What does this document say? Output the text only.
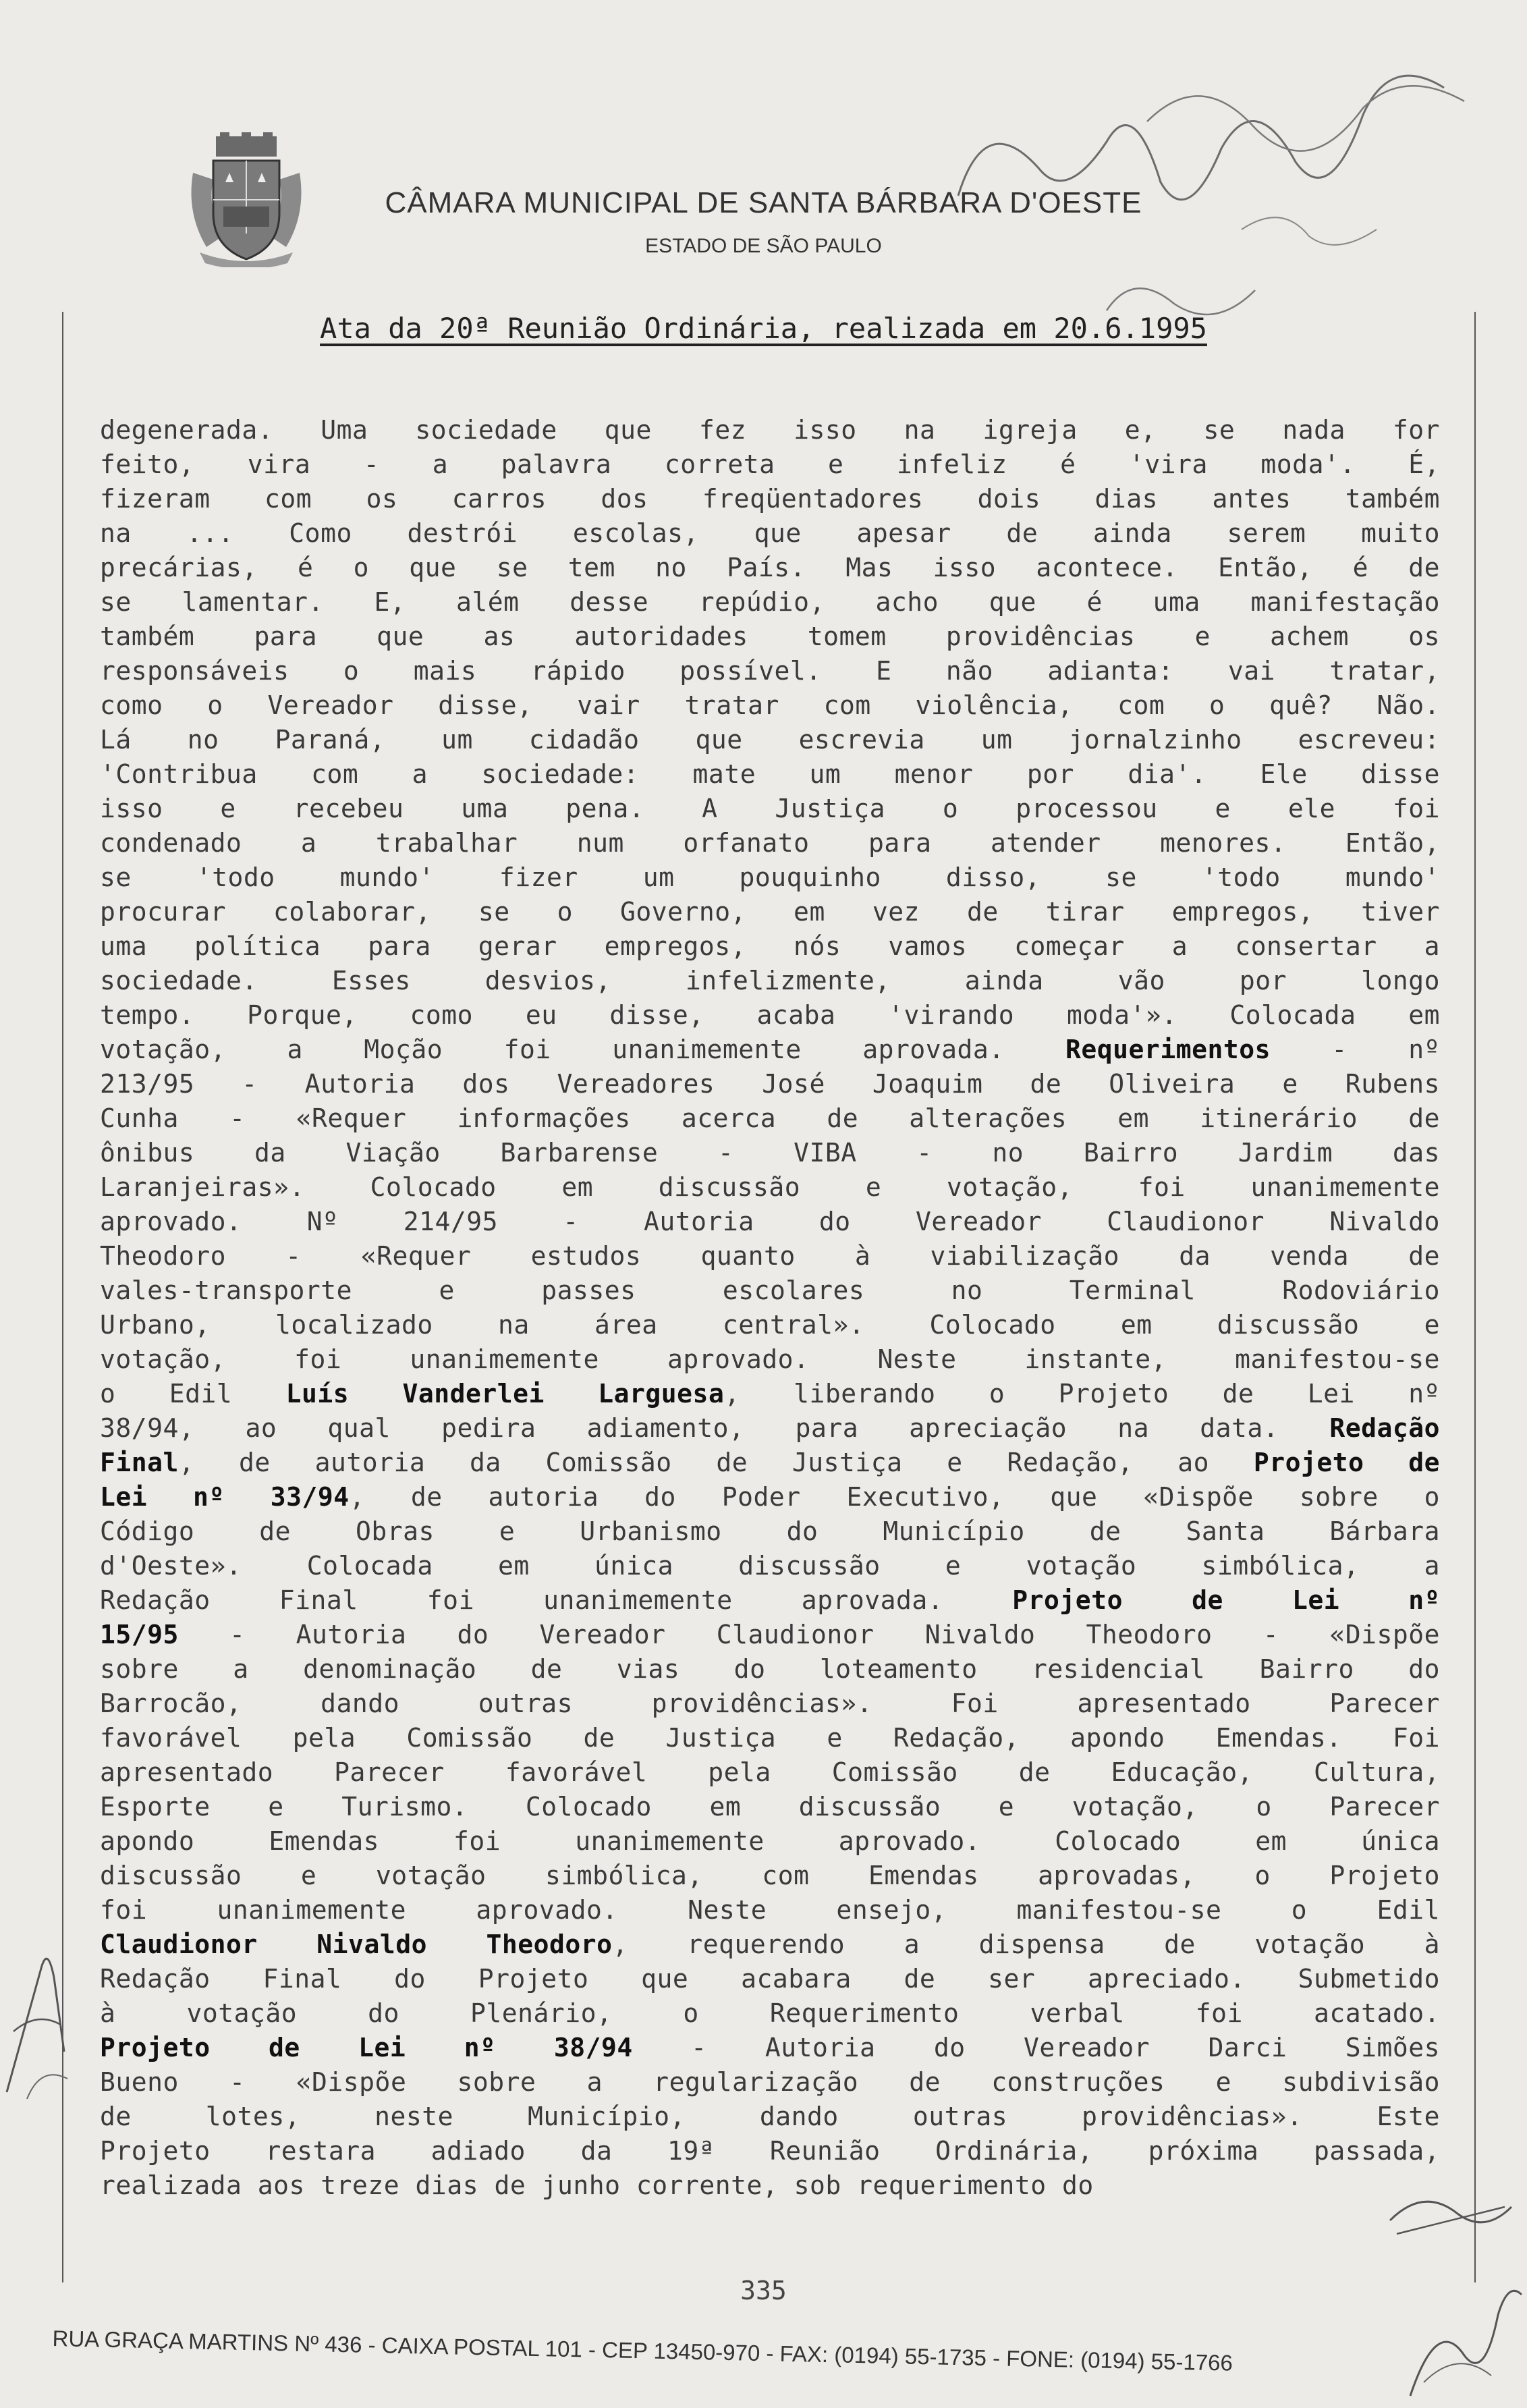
CÂMARA MUNICIPAL DE SANTA BÁRBARA D'OESTE
ESTADO DE SÃO PAULO
Ata da 20ª Reunião Ordinária, realizada em 20.6.1995
degenerada. Uma sociedade que fez isso na igreja e, se nada for
feito, vira - a palavra correta e infeliz é 'vira moda'. É,
fizeram com os carros dos freqüentadores dois dias antes também
na ... Como destrói escolas, que apesar de ainda serem muito
precárias, é o que se tem no País. Mas isso acontece. Então, é de
se lamentar. E, além desse repúdio, acho que é uma manifestação
também para que as autoridades tomem providências e achem os
responsáveis o mais rápido possível. E não adianta: vai tratar,
como o Vereador disse, vair tratar com violência, com o quê? Não.
Lá no Paraná, um cidadão que escrevia um jornalzinho escreveu:
'Contribua com a sociedade: mate um menor por dia'. Ele disse
isso e recebeu uma pena. A Justiça o processou e ele foi
condenado a trabalhar num orfanato para atender menores. Então,
se 'todo mundo' fizer um pouquinho disso, se 'todo mundo'
procurar colaborar, se o Governo, em vez de tirar empregos, tiver
uma política para gerar empregos, nós vamos começar a consertar a
sociedade. Esses desvios, infelizmente, ainda vão por longo
tempo. Porque, como eu disse, acaba 'virando moda'». Colocada em
votação, a Moção foi unanimemente aprovada. Requerimentos - nº
213/95 - Autoria dos Vereadores José Joaquim de Oliveira e Rubens
Cunha - «Requer informações acerca de alterações em itinerário de
ônibus da Viação Barbarense - VIBA - no Bairro Jardim das
Laranjeiras». Colocado em discussão e votação, foi unanimemente
aprovado. Nº 214/95 - Autoria do Vereador Claudionor Nivaldo
Theodoro - «Requer estudos quanto à viabilização da venda de
vales-transporte e passes escolares no Terminal Rodoviário
Urbano, localizado na área central». Colocado em discussão e
votação, foi unanimemente aprovado. Neste instante, manifestou-se
o Edil Luís Vanderlei Larguesa, liberando o Projeto de Lei nº
38/94, ao qual pedira adiamento, para apreciação na data. Redação
Final, de autoria da Comissão de Justiça e Redação, ao Projeto de
Lei nº 33/94, de autoria do Poder Executivo, que «Dispõe sobre o
Código de Obras e Urbanismo do Município de Santa Bárbara
d'Oeste». Colocada em única discussão e votação simbólica, a
Redação Final foi unanimemente aprovada. Projeto de Lei nº
15/95 - Autoria do Vereador Claudionor Nivaldo Theodoro - «Dispõe
sobre a denominação de vias do loteamento residencial Bairro do
Barrocão, dando outras providências». Foi apresentado Parecer
favorável pela Comissão de Justiça e Redação, apondo Emendas. Foi
apresentado Parecer favorável pela Comissão de Educação, Cultura,
Esporte e Turismo. Colocado em discussão e votação, o Parecer
apondo Emendas foi unanimemente aprovado. Colocado em única
discussão e votação simbólica, com Emendas aprovadas, o Projeto
foi unanimemente aprovado. Neste ensejo, manifestou-se o Edil
Claudionor Nivaldo Theodoro, requerendo a dispensa de votação à
Redação Final do Projeto que acabara de ser apreciado. Submetido
à votação do Plenário, o Requerimento verbal foi acatado.
Projeto de Lei nº 38/94 - Autoria do Vereador Darci Simões
Bueno - «Dispõe sobre a regularização de construções e subdivisão
de lotes, neste Município, dando outras providências». Este
Projeto restara adiado da 19ª Reunião Ordinária, próxima passada,
realizada aos treze dias de junho corrente, sob requerimento do
335
RUA GRAÇA MARTINS Nº 436 - CAIXA POSTAL 101 - CEP 13450-970 - FAX: (0194) 55-1735 - FONE: (0194) 55-1766
